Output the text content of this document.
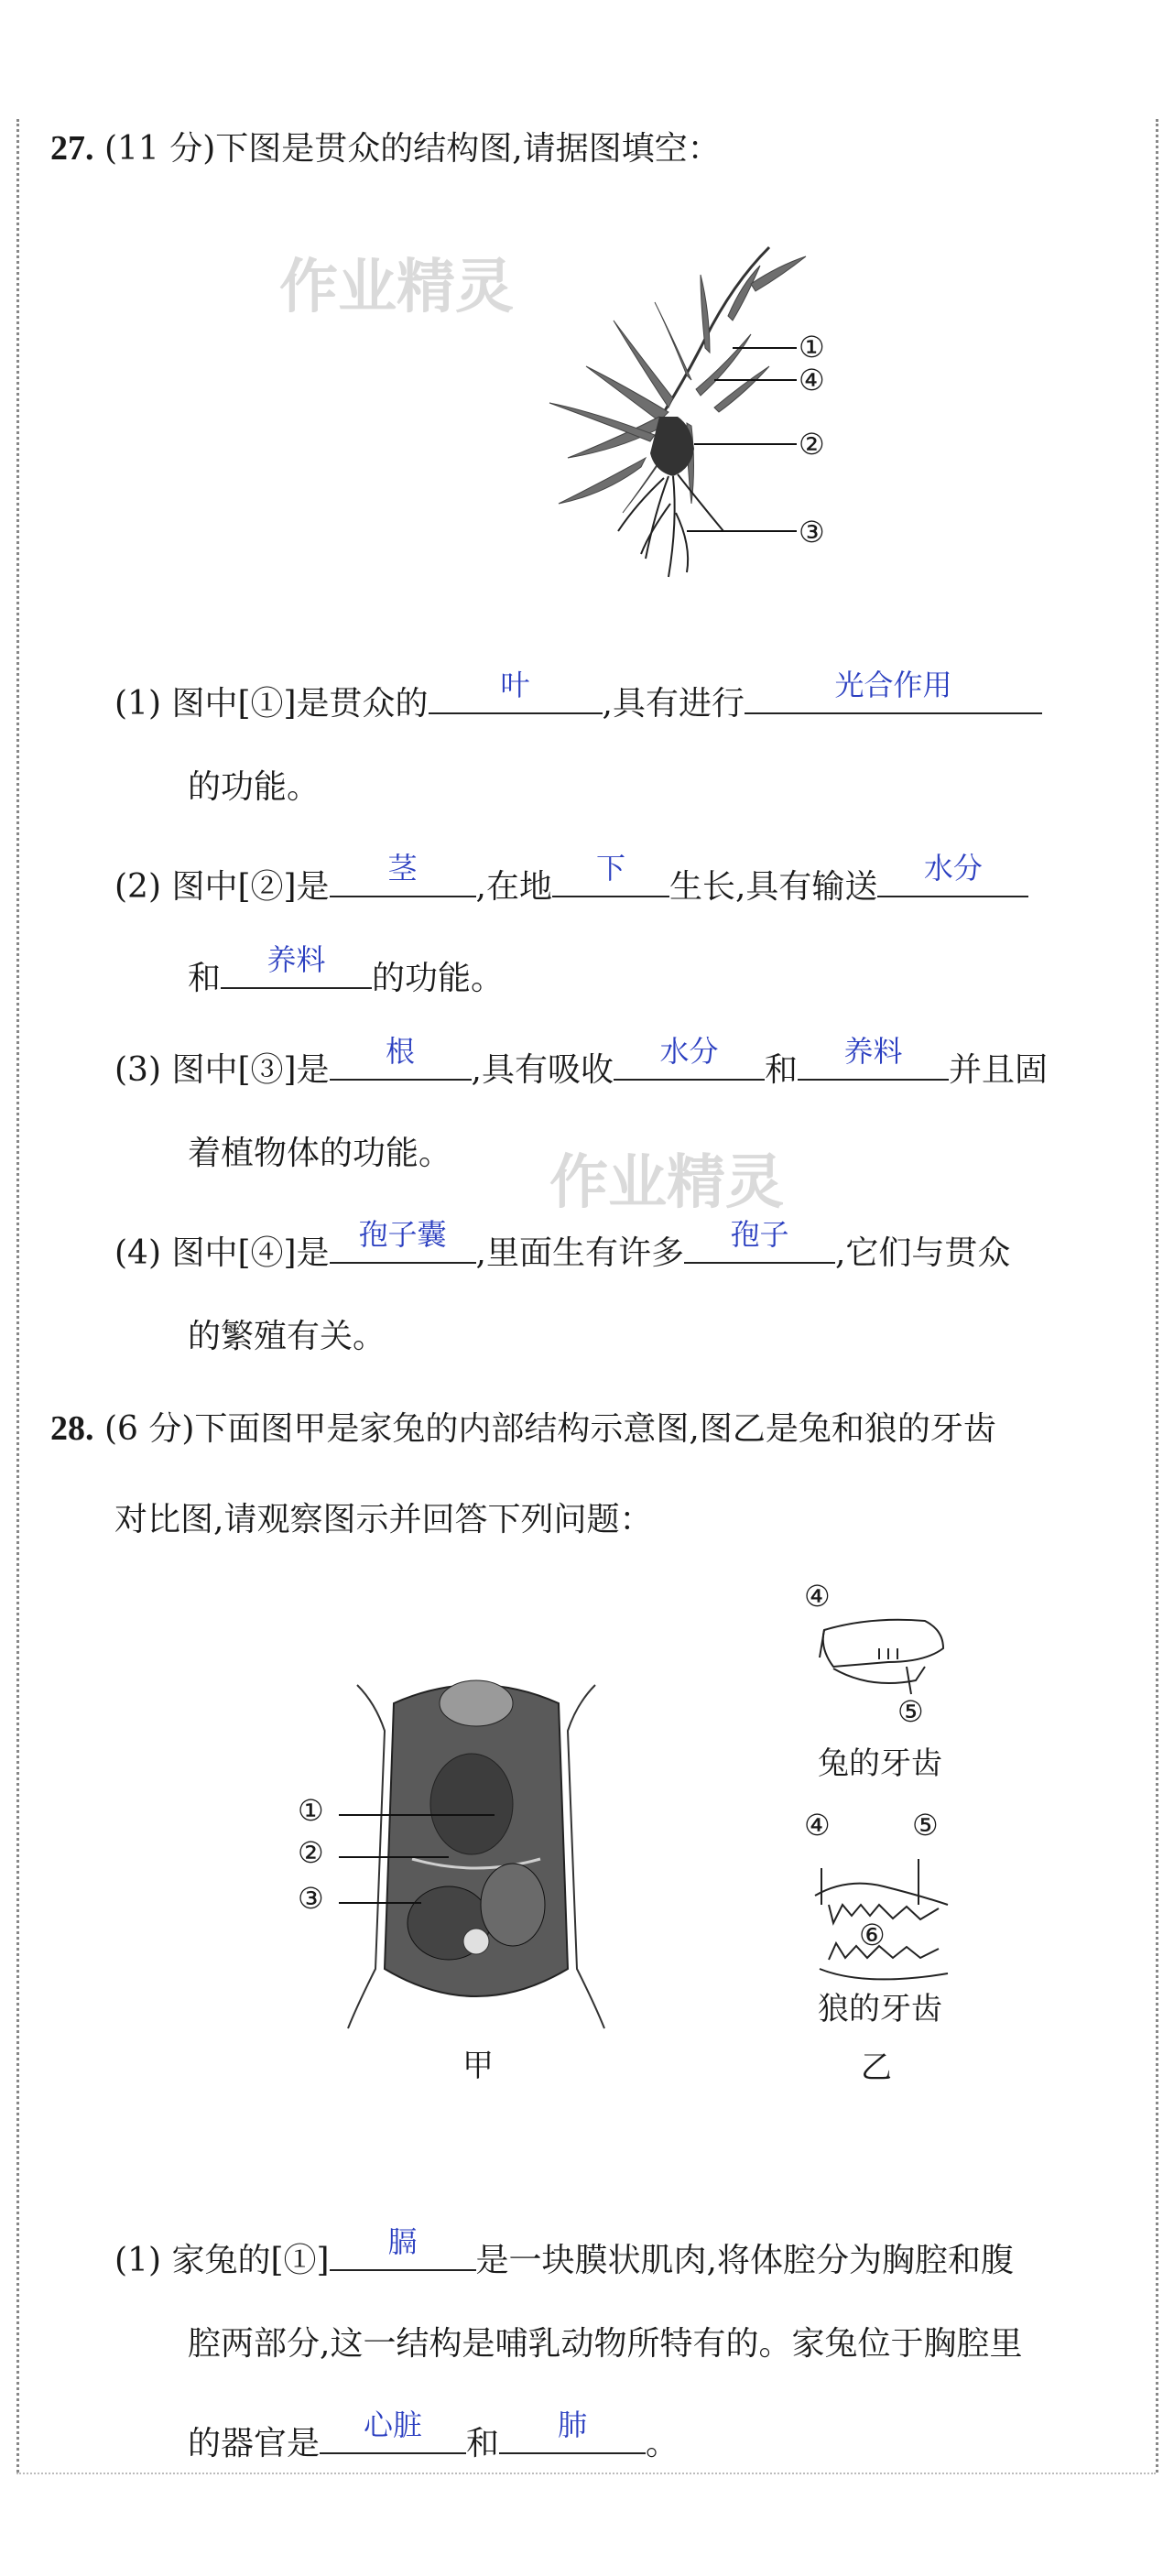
27. (11 分)下图是贯众的结构图,请据图填空：
作业精灵
①
④
②
③
(1) 图中[①]是贯众的	叶	,具有进行	光合作用
的功能。
(2) 图中[②]是	茎	,在地	下	生长,具有输送	水分
和	养料	的功能。
(3) 图中[③]是	根	,具有吸收	水分	和	养料	并且固
着植物体的功能。 作业精灵
(4) 图中[④]是 孢子囊 ,里面生有许多	孢子	,它们与贯众
的繁殖有关。
28. (6 分)下面图甲是家兔的内部结构示意图,图乙是兔和狼的牙齿
对比图,请观察图示并回答下列问题：
①
②
③
甲
④
⑤
兔的牙齿
④	⑤
⑥
狼的牙齿
乙
(1) 家兔的[①]	膈	是一块膜状肌肉,将体腔分为胸腔和腹
腔两部分,这一结构是哺乳动物所特有的。家兔位于胸腔里
的器官是	心脏	和	肺	。
